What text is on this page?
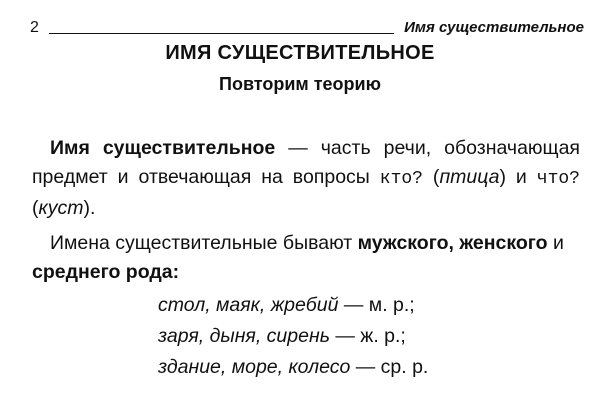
2	Имя существительное
ИМЯ СУЩЕСТВИТЕЛЬНОЕ
Повторим теорию
Имя существительное — часть речи, обозначающая предмет и отвечающая на вопросы кто? (птица) и что? (куст).
Имена существительные бывают мужского, женского и среднего рода:
стол, маяк, жребий — м. р.;
заря, дыня, сирень — ж. р.;
здание, море, колесо — ср. р.
